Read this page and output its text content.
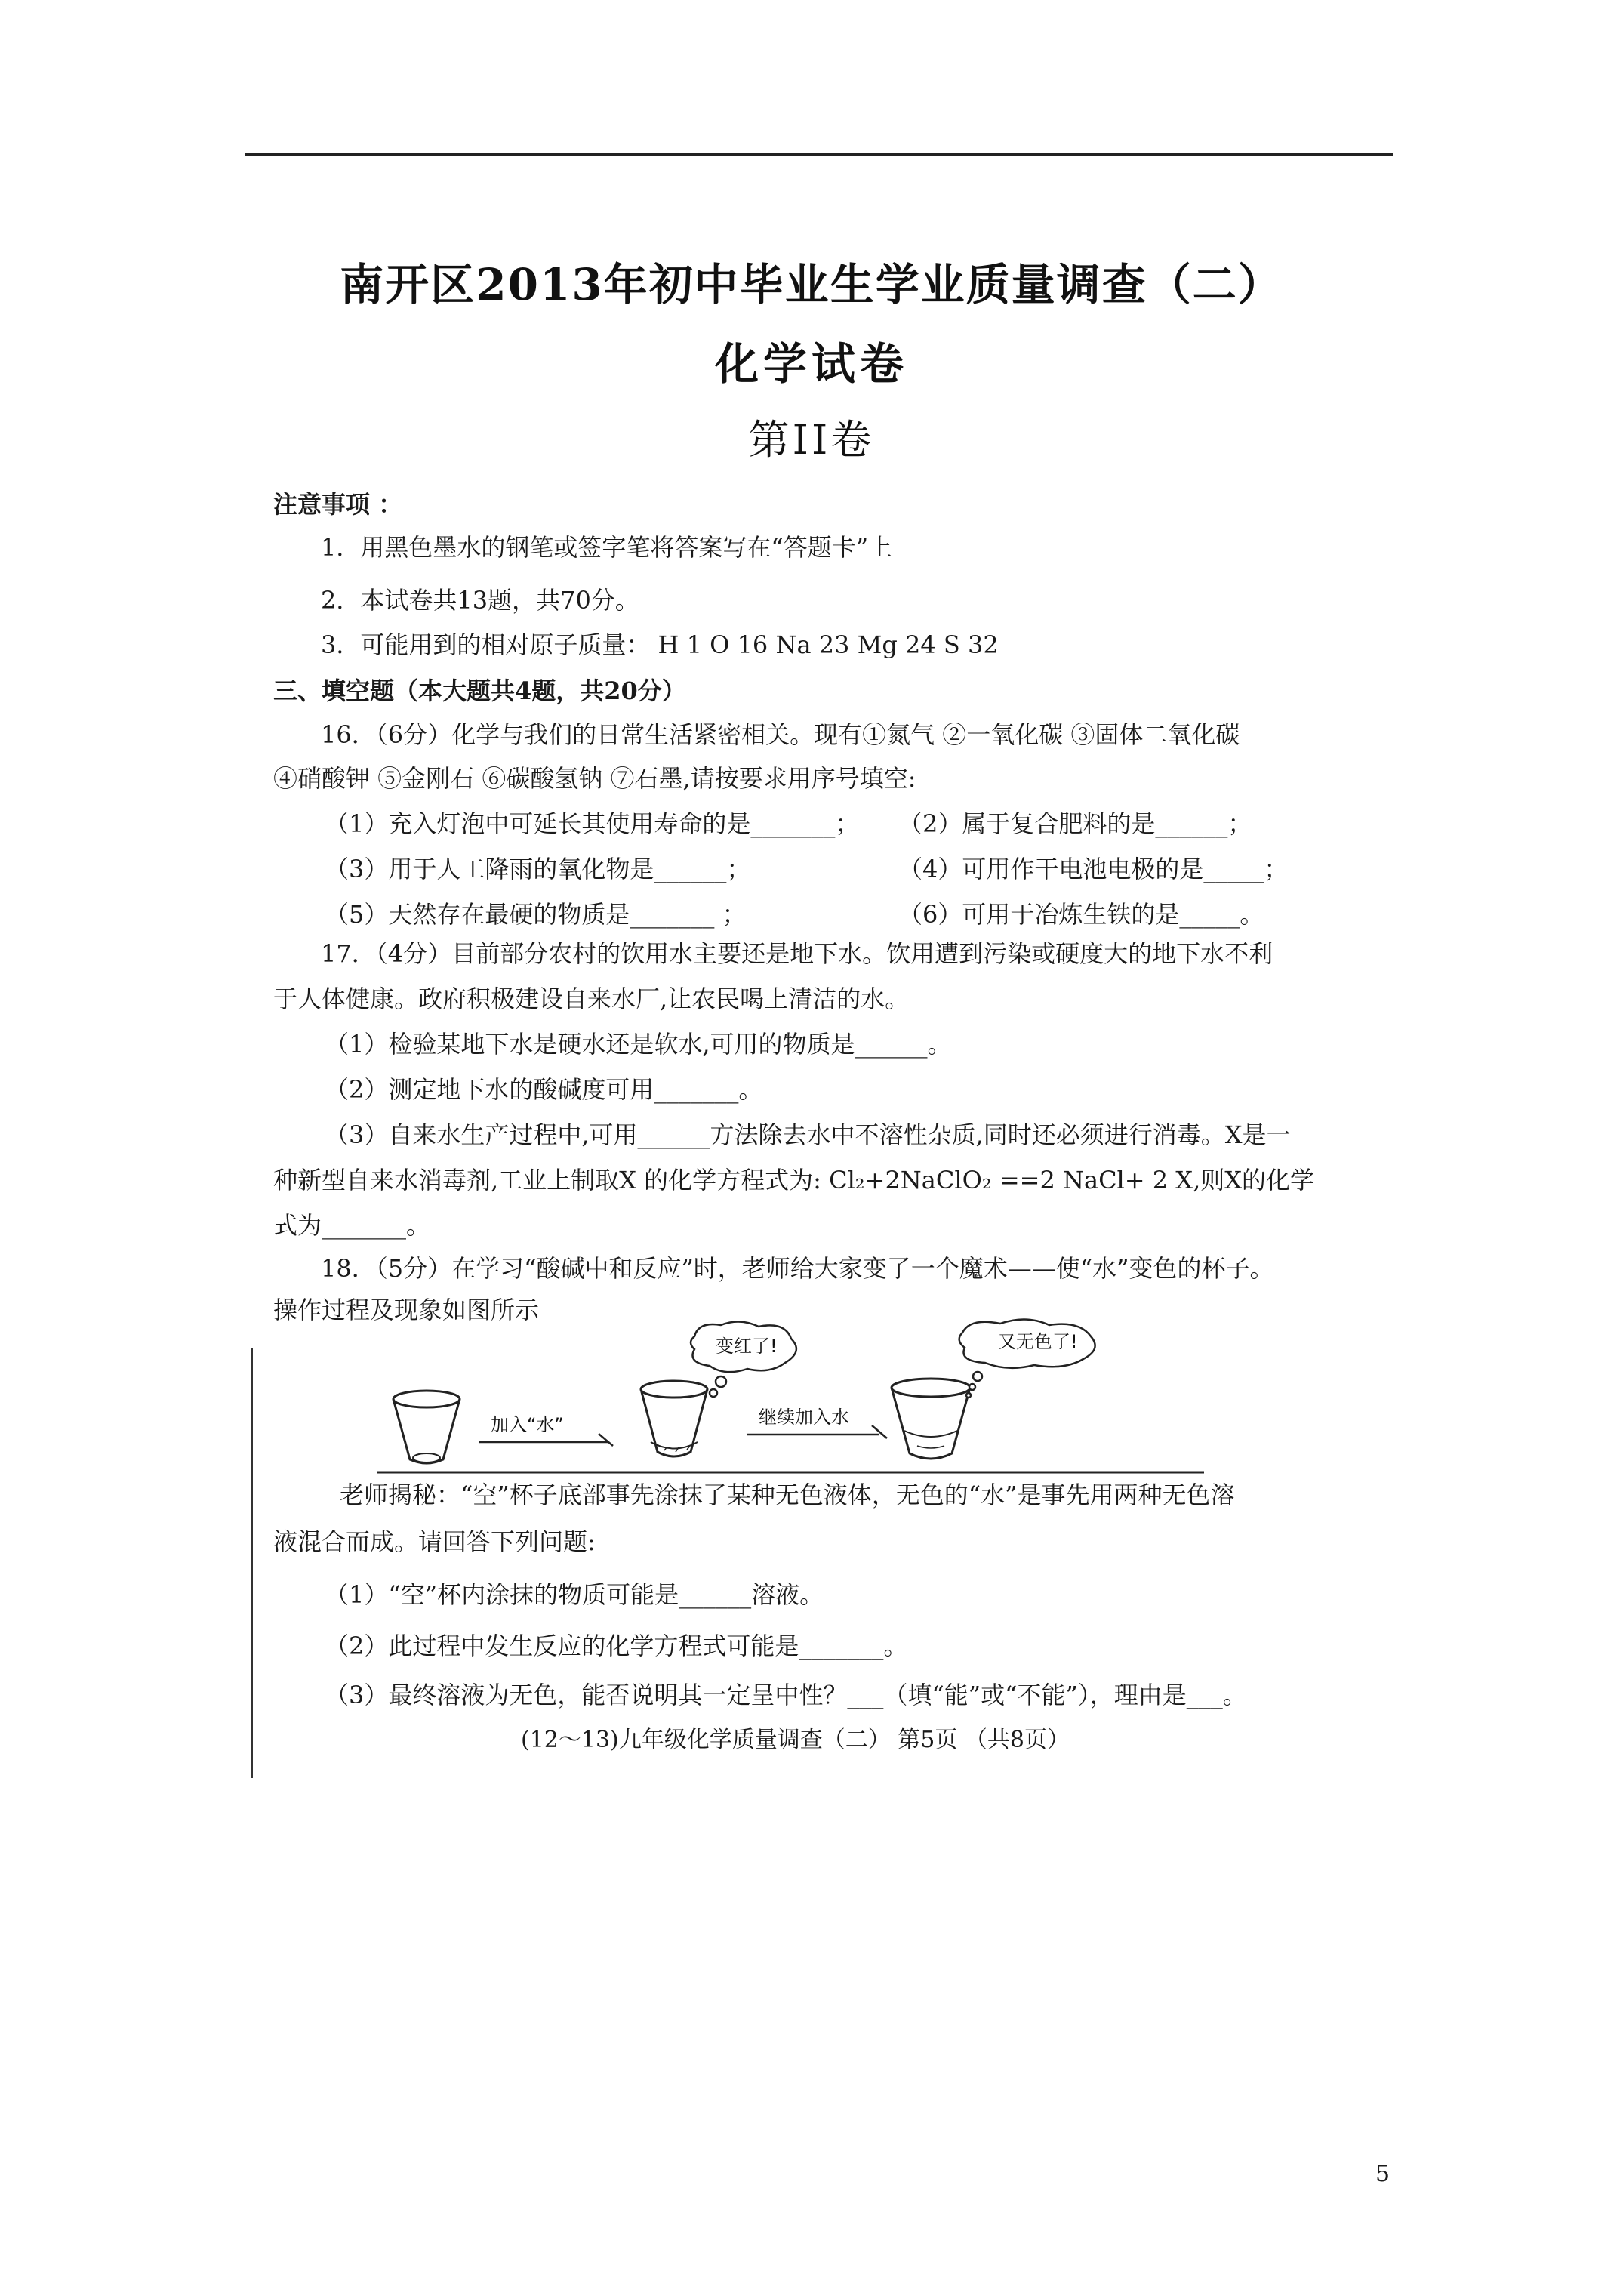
南开区2013年初中毕业生学业质量调查（二）
化学试卷
第II卷
注意事项 ：
1．用黑色墨水的钢笔或签字笔将答案写在“答题卡”上
2．本试卷共13题，共70分。
3．可能用到的相对原子质量： H 1 O 16 Na 23 Mg 24 S 32
三、填空题（本大题共4题，共20分）
16．（6分）化学与我们的日常生活紧密相关。现有①氮气 ②一氧化碳 ③固体二氧化碳
④硝酸钾 ⑤金刚石 ⑥碳酸氢钠 ⑦石墨,请按要求用序号填空:
（1）充入灯泡中可延长其使用寿命的是_______； （2）属于复合肥料的是______；
（3）用于人工降雨的氧化物是______；	（4）可用作干电池电极的是_____；
（5）天然存在最硬的物质是_______ ；	（6）可用于冶炼生铁的是_____。
17．（4分）目前部分农村的饮用水主要还是地下水。饮用遭到污染或硬度大的地下水不利
于人体健康。政府积极建设自来水厂,让农民喝上清洁的水。
（1）检验某地下水是硬水还是软水,可用的物质是______。
（2）测定地下水的酸碱度可用_______。
（3）自来水生产过程中,可用______方法除去水中不溶性杂质,同时还必须进行消毒。X是一
种新型自来水消毒剂,工业上制取X 的化学方程式为: Cl₂+2NaClO₂ ==2 NaCl+ 2 X,则X的化学
式为_______。
18．（5分）在学习“酸碱中和反应”时，老师给大家变了一个魔术——使“水”变色的杯子。
操作过程及现象如图所示
加入“水”	继续加入水
变红了!	又无色了!
老师揭秘：“空”杯子底部事先涂抹了某种无色液体，无色的“水”是事先用两种无色溶
液混合而成。请回答下列问题:
（1）“空”杯内涂抹的物质可能是______溶液。
（2）此过程中发生反应的化学方程式可能是_______。
（3）最终溶液为无色，能否说明其一定呈中性？___（填“能”或“不能”），理由是___。
(12～13)九年级化学质量调查（二） 第5页 （共8页）
5
